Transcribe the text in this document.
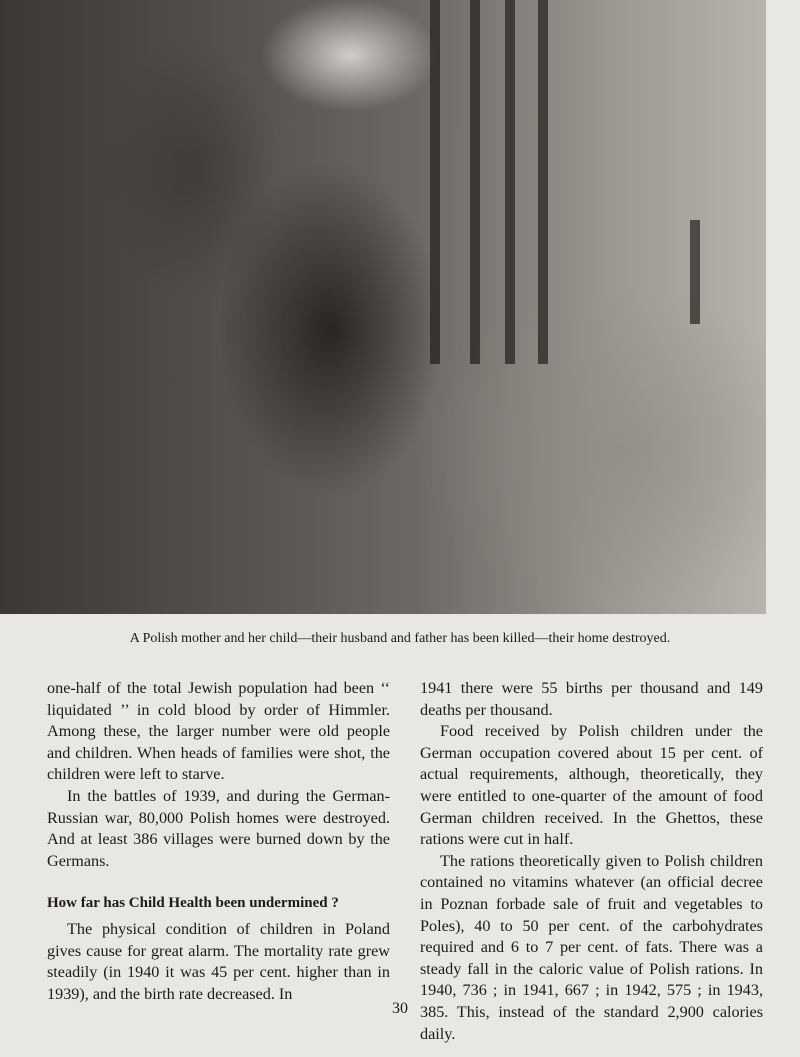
A Polish mother and her child—their husband and father has been killed—their home destroyed.

one-half of the total Jewish population had been ‘‘ liquidated ’’ in cold blood by order of Himmler. Among these, the larger number were old people and children. When heads of families were shot, the children were left to starve.

In the battles of 1939, and during the German-Russian war, 80,000 Polish homes were destroyed. And at least 386 villages were burned down by the Germans.

How far has Child Health been undermined ?

The physical condition of children in Poland gives cause for great alarm. The mortality rate grew steadily (in 1940 it was 45 per cent. higher than in 1939), and the birth rate decreased. In

1941 there were 55 births per thousand and 149 deaths per thousand.

Food received by Polish children under the German occupation covered about 15 per cent. of actual requirements, although, theoretically, they were entitled to one-quarter of the amount of food German children received. In the Ghettos, these rations were cut in half.

The rations theoretically given to Polish children contained no vitamins whatever (an official decree in Poznan forbade sale of fruit and vegetables to Poles), 40 to 50 per cent. of the carbohydrates required and 6 to 7 per cent. of fats. There was a steady fall in the caloric value of Polish rations. In 1940, 736 ; in 1941, 667 ; in 1942, 575 ; in 1943, 385. This, instead of the standard 2,900 calories daily.

30
